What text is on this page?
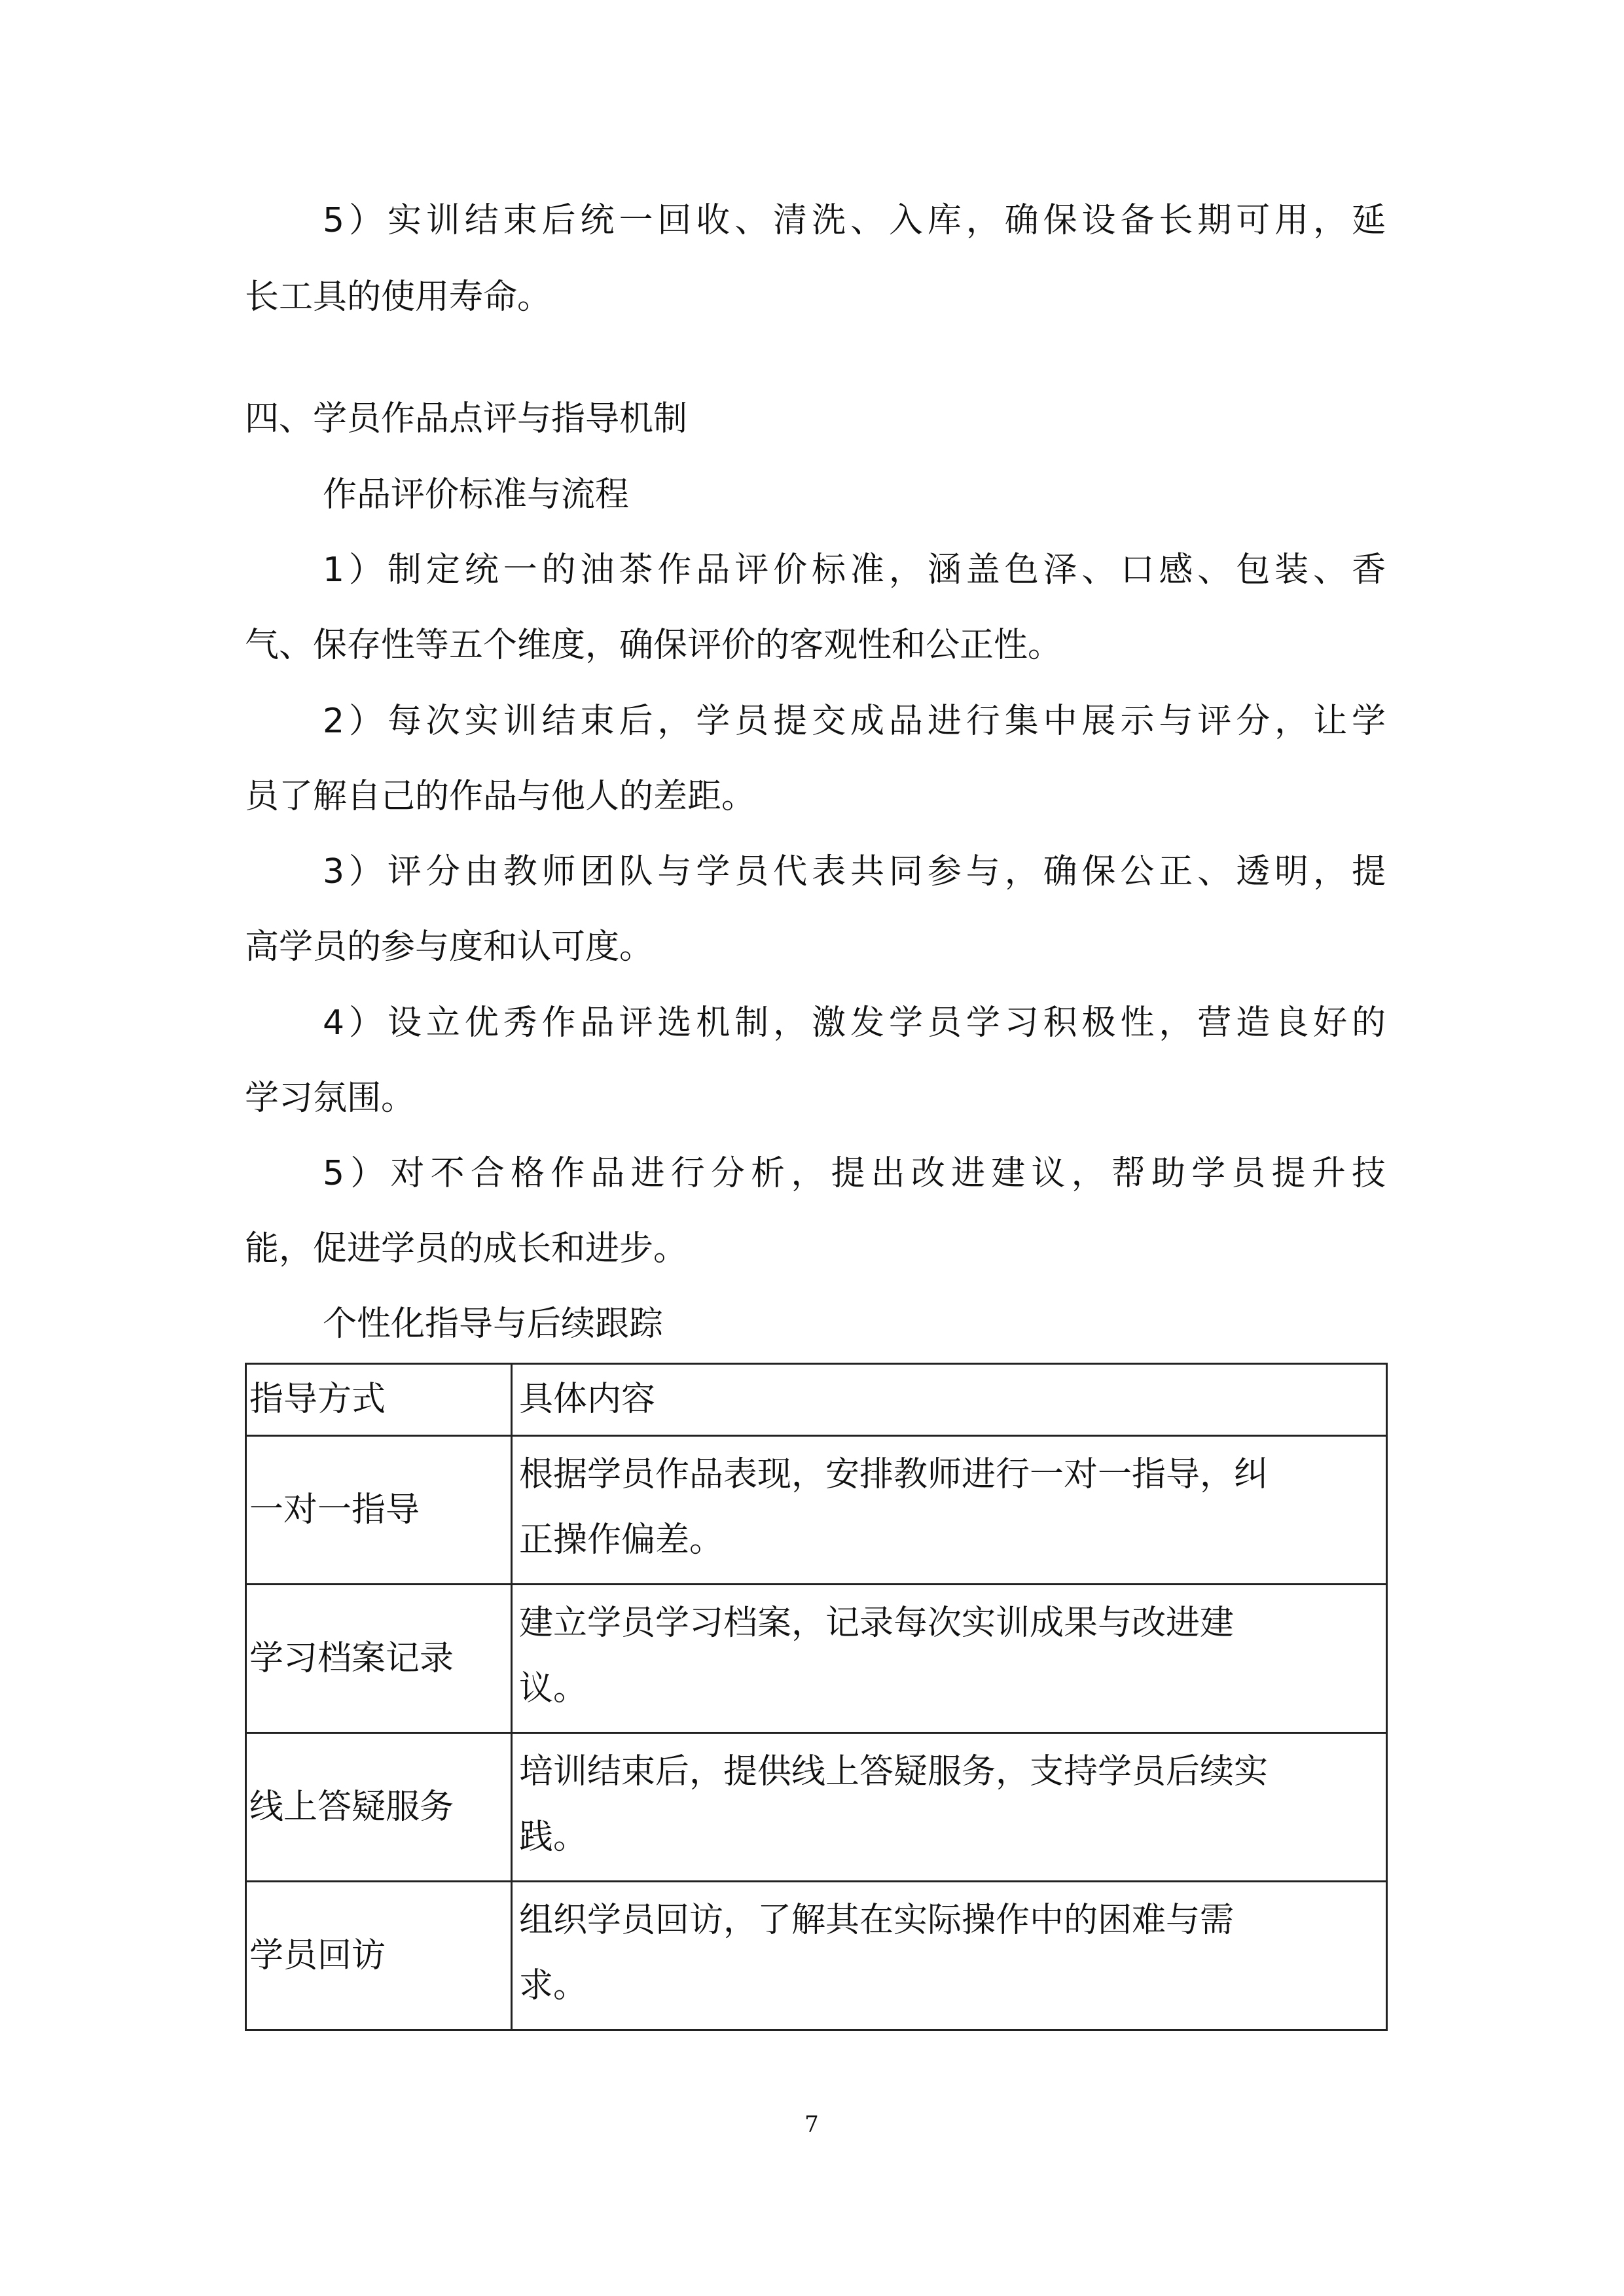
5）实训结束后统一回收、清洗、入库，确保设备长期可用，延
长工具的使用寿命。
四、学员作品点评与指导机制
作品评价标准与流程
1）制定统一的油茶作品评价标准，涵盖色泽、口感、包装、香
气、保存性等五个维度，确保评价的客观性和公正性。
2）每次实训结束后，学员提交成品进行集中展示与评分，让学
员了解自己的作品与他人的差距。
3）评分由教师团队与学员代表共同参与，确保公正、透明，提
高学员的参与度和认可度。
4）设立优秀作品评选机制，激发学员学习积极性，营造良好的
学习氛围。
5）对不合格作品进行分析，提出改进建议，帮助学员提升技
能，促进学员的成长和进步。
个性化指导与后续跟踪
指导方式	具体内容
一对一指导	根据学员作品表现，安排教师进行一对一指导，纠
正操作偏差。

学习档案记录	建立学员学习档案，记录每次实训成果与改进建
议。

线上答疑服务	培训结束后，提供线上答疑服务，支持学员后续实
践。

学员回访	组织学员回访，了解其在实际操作中的困难与需
求。
7
